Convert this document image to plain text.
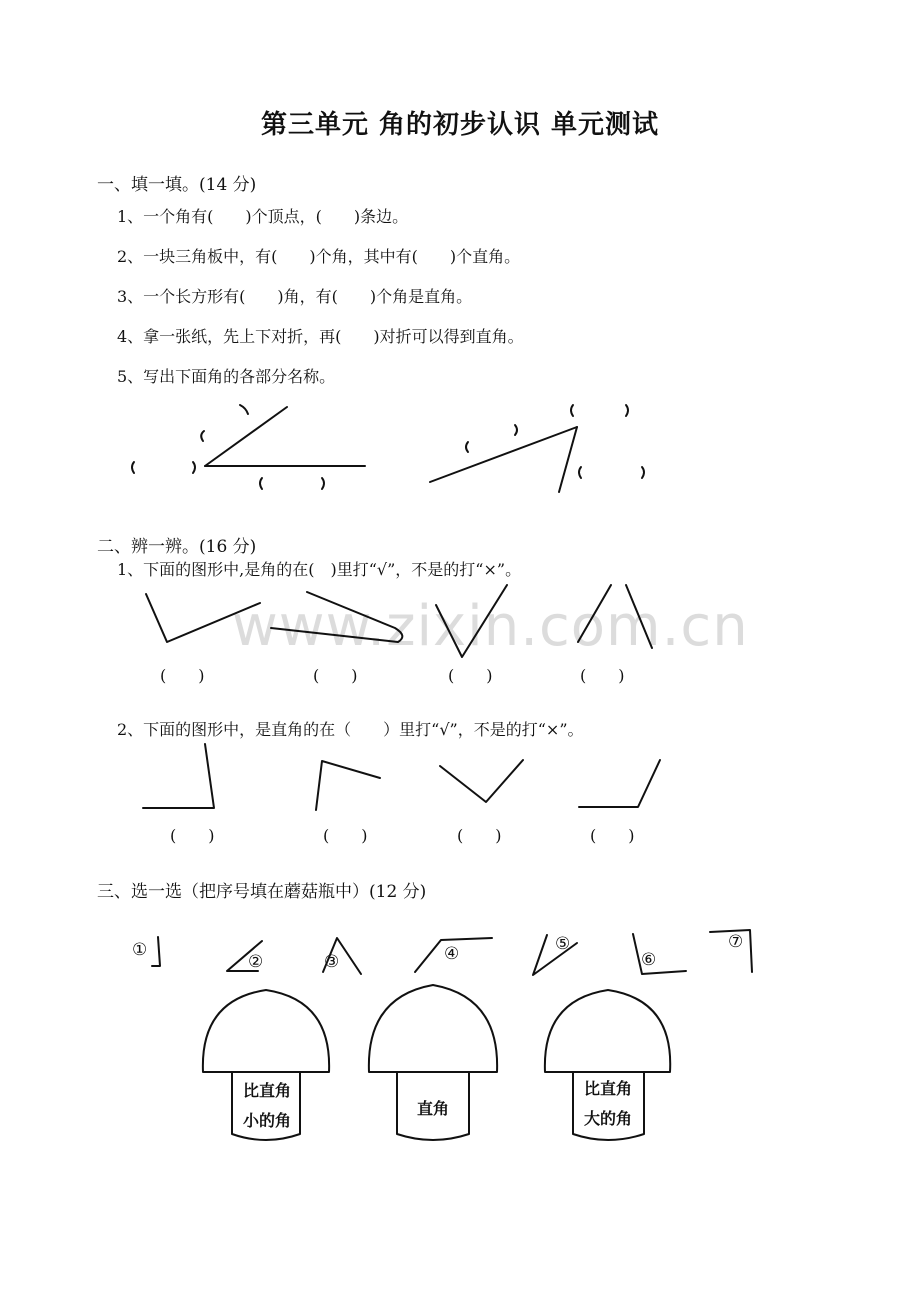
第三单元 角的初步认识 单元测试
一、填一填。(14 分)
1、一个角有(　　)个顶点，(　　)条边。
2、一块三角板中，有(　　)个角，其中有(　　)个直角。
3、一个长方形有(　　)角，有(　　)个角是直角。
4、拿一张纸，先上下对折，再(　　)对折可以得到直角。
5、写出下面角的各部分名称。
二、辨一辨。(16 分)
1、下面的图形中,是角的在(　)里打“√”，不是的打“×”。
(　　)	(　　)	(　　)	(　　)
2、下面的图形中，是直角的在（　　）里打“√”，不是的打“×”。
(　　)	(　　)	(　　)	(　　)
三、选一选（把序号填在蘑菇瓶中）(12 分)
①
②	③	④	⑤
⑥
⑦
www.zixin.com.cn
比直角
小的角
直角
比直角
大的角
